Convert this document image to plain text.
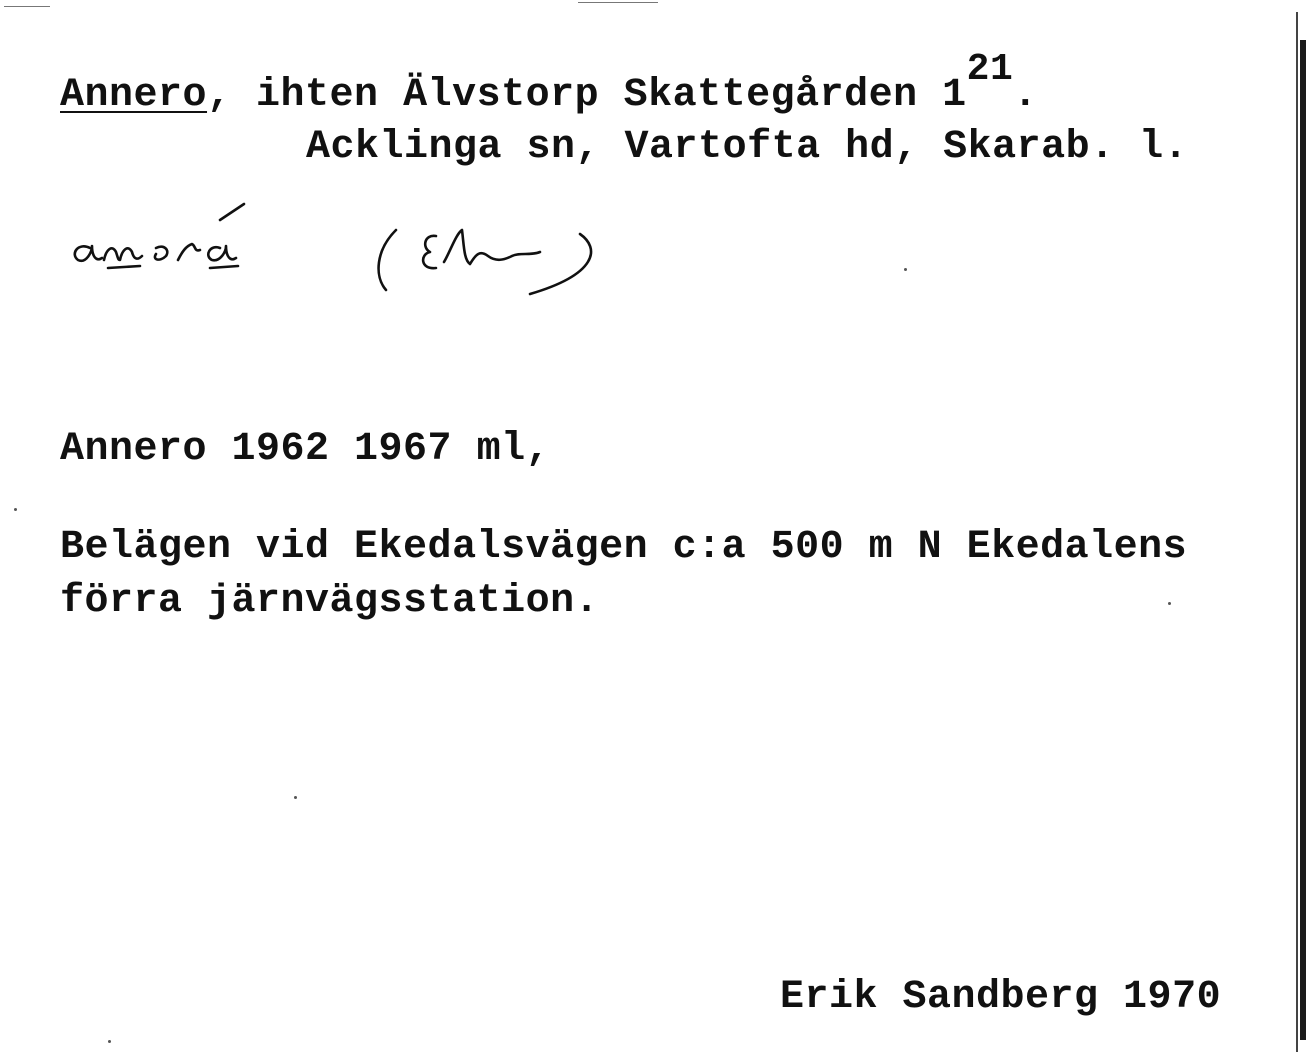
Annero, ihten Älvstorp Skattegården 121.
Acklinga sn, Vartofta hd, Skarab. l.
Annero 1962 1967 ml,
Belägen vid Ekedalsvägen c:a 500 m N Ekedalens
förra järnvägsstation.
Erik Sandberg 1970
